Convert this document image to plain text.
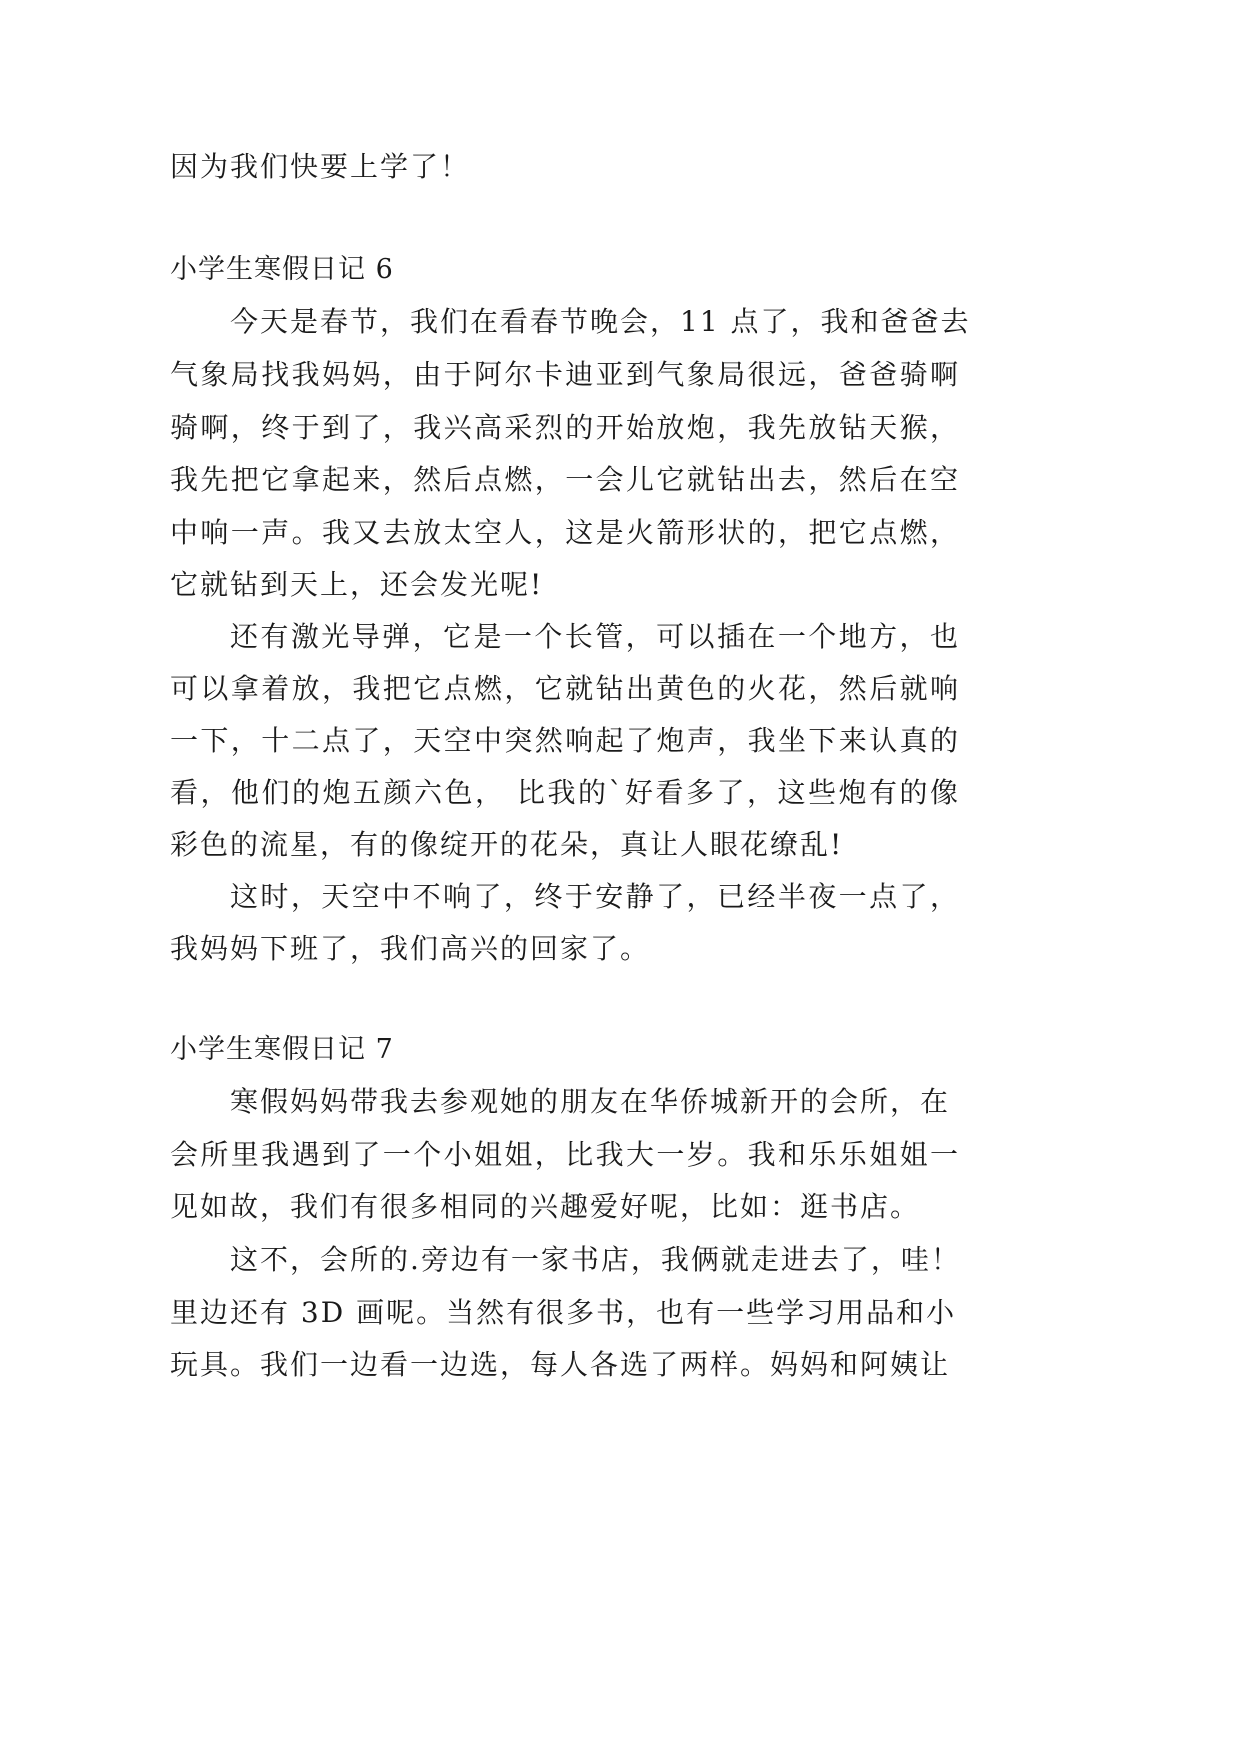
因为我们快要上学了！
小学生寒假日记 6
今天是春节，我们在看春节晚会，11 点了，我和爸爸去
气象局找我妈妈，由于阿尔卡迪亚到气象局很远，爸爸骑啊
骑啊，终于到了，我兴高采烈的开始放炮，我先放钻天猴，
我先把它拿起来，然后点燃，一会儿它就钻出去，然后在空
中响一声。我又去放太空人，这是火箭形状的，把它点燃，
它就钻到天上，还会发光呢!
还有激光导弹，它是一个长管，可以插在一个地方，也
可以拿着放，我把它点燃，它就钻出黄色的火花，然后就响
一下，十二点了，天空中突然响起了炮声，我坐下来认真的
看，他们的炮五颜六色， 比我的`好看多了，这些炮有的像
彩色的流星，有的像绽开的花朵，真让人眼花缭乱!
这时，天空中不响了，终于安静了，已经半夜一点了，
我妈妈下班了，我们高兴的回家了。
小学生寒假日记 7
寒假妈妈带我去参观她的朋友在华侨城新开的会所，在
会所里我遇到了一个小姐姐，比我大一岁。我和乐乐姐姐一
见如故，我们有很多相同的兴趣爱好呢，比如：逛书店。
这不，会所的.旁边有一家书店，我俩就走进去了，哇！
里边还有 3D 画呢。当然有很多书，也有一些学习用品和小
玩具。我们一边看一边选，每人各选了两样。妈妈和阿姨让
